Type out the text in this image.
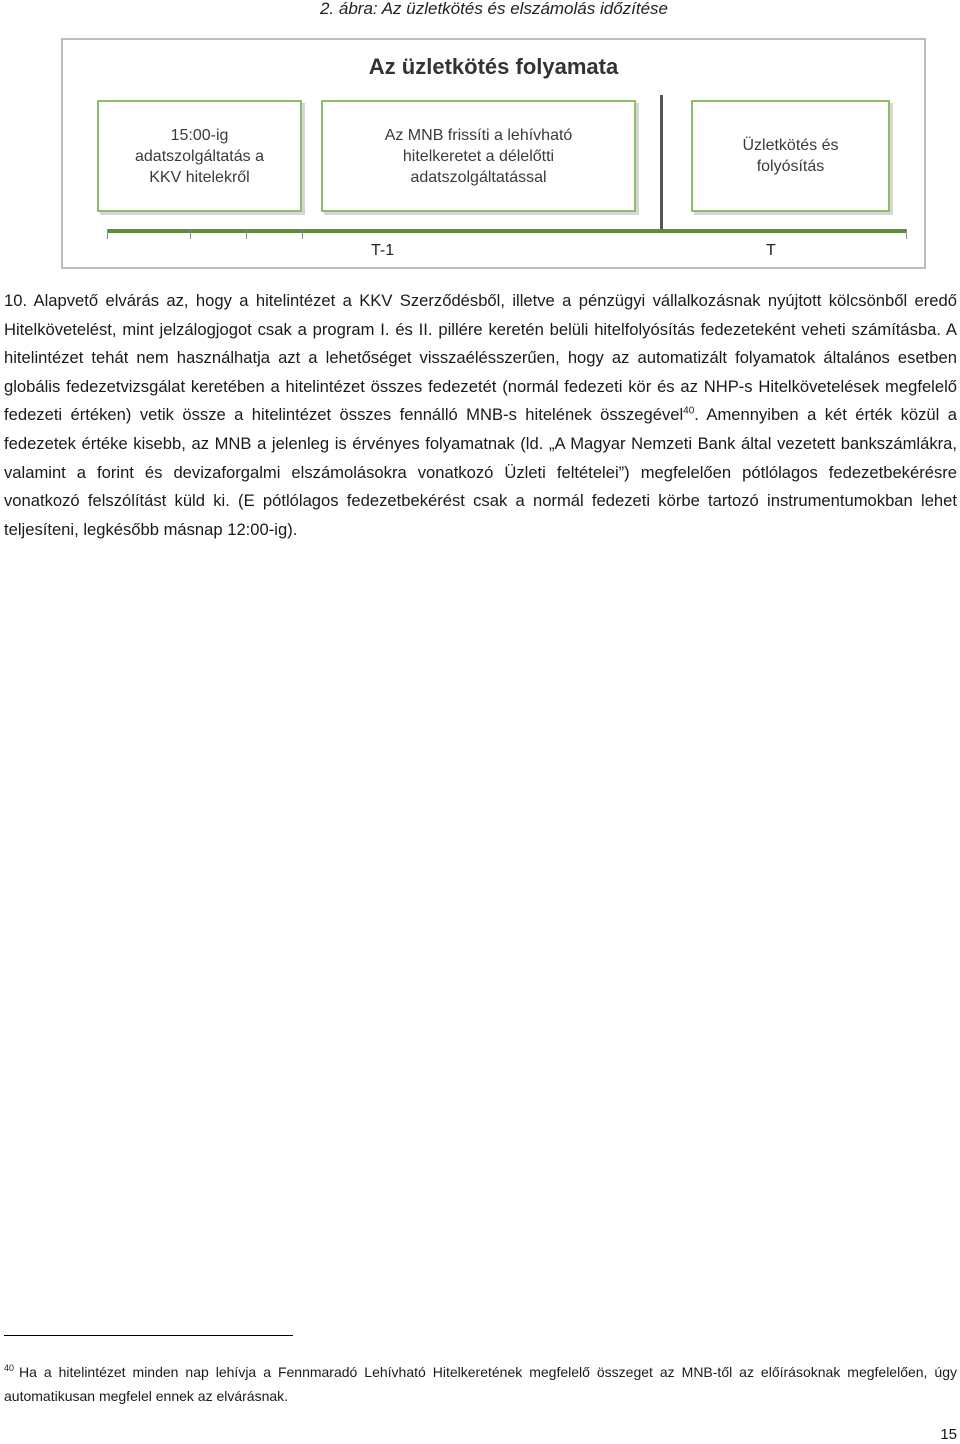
2. ábra: Az üzletkötés és elszámolás időzítése
Az üzletkötés folyamata
15:00-ig
adatszolgáltatás a
KKV hitelekről
Az MNB frissíti a lehívható
hitelkeretet a délelőtti
adatszolgáltatással
Üzletkötés és
folyósítás
T-1	T

10. Alapvető elvárás az, hogy a hitelintézet a KKV Szerződésből, illetve a pénzügyi vállalkozásnak nyújtott kölcsönből eredő Hitelkövetelést, mint jelzálogjogot csak a program I. és II. pillére keretén belüli hitelfolyósítás fedezeteként veheti számításba. A hitelintézet tehát nem használhatja azt a lehetőséget visszaélésszerűen, hogy az automatizált folyamatok általános esetben globális fedezetvizsgálat keretében a hitelintézet összes fedezetét (normál fedezeti kör és az NHP-s Hitelkövetelések megfelelő fedezeti értéken) vetik össze a hitelintézet összes fennálló MNB-s hitelének összegével$^{40}$. Amennyiben a két érték közül a fedezetek értéke kisebb, az MNB a jelenleg is érvényes folyamatnak (ld. „A Magyar Nemzeti Bank által vezetett bankszámlákra, valamint a forint és devizaforgalmi elszámolásokra vonatkozó Üzleti feltételei”) megfelelően pótlólagos fedezetbekérésre vonatkozó felszólítást küld ki. (E pótlólagos fedezetbekérést csak a normál fedezeti körbe tartozó instrumentumokban lehet teljesíteni, legkésőbb másnap 12:00-ig).

$^{40}$ Ha a hitelintézet minden nap lehívja a Fennmaradó Lehívható Hitelkeretének megfelelő összeget az MNB-től az előírásoknak megfelelően, úgy automatikusan megfelel ennek az elvárásnak.
15
